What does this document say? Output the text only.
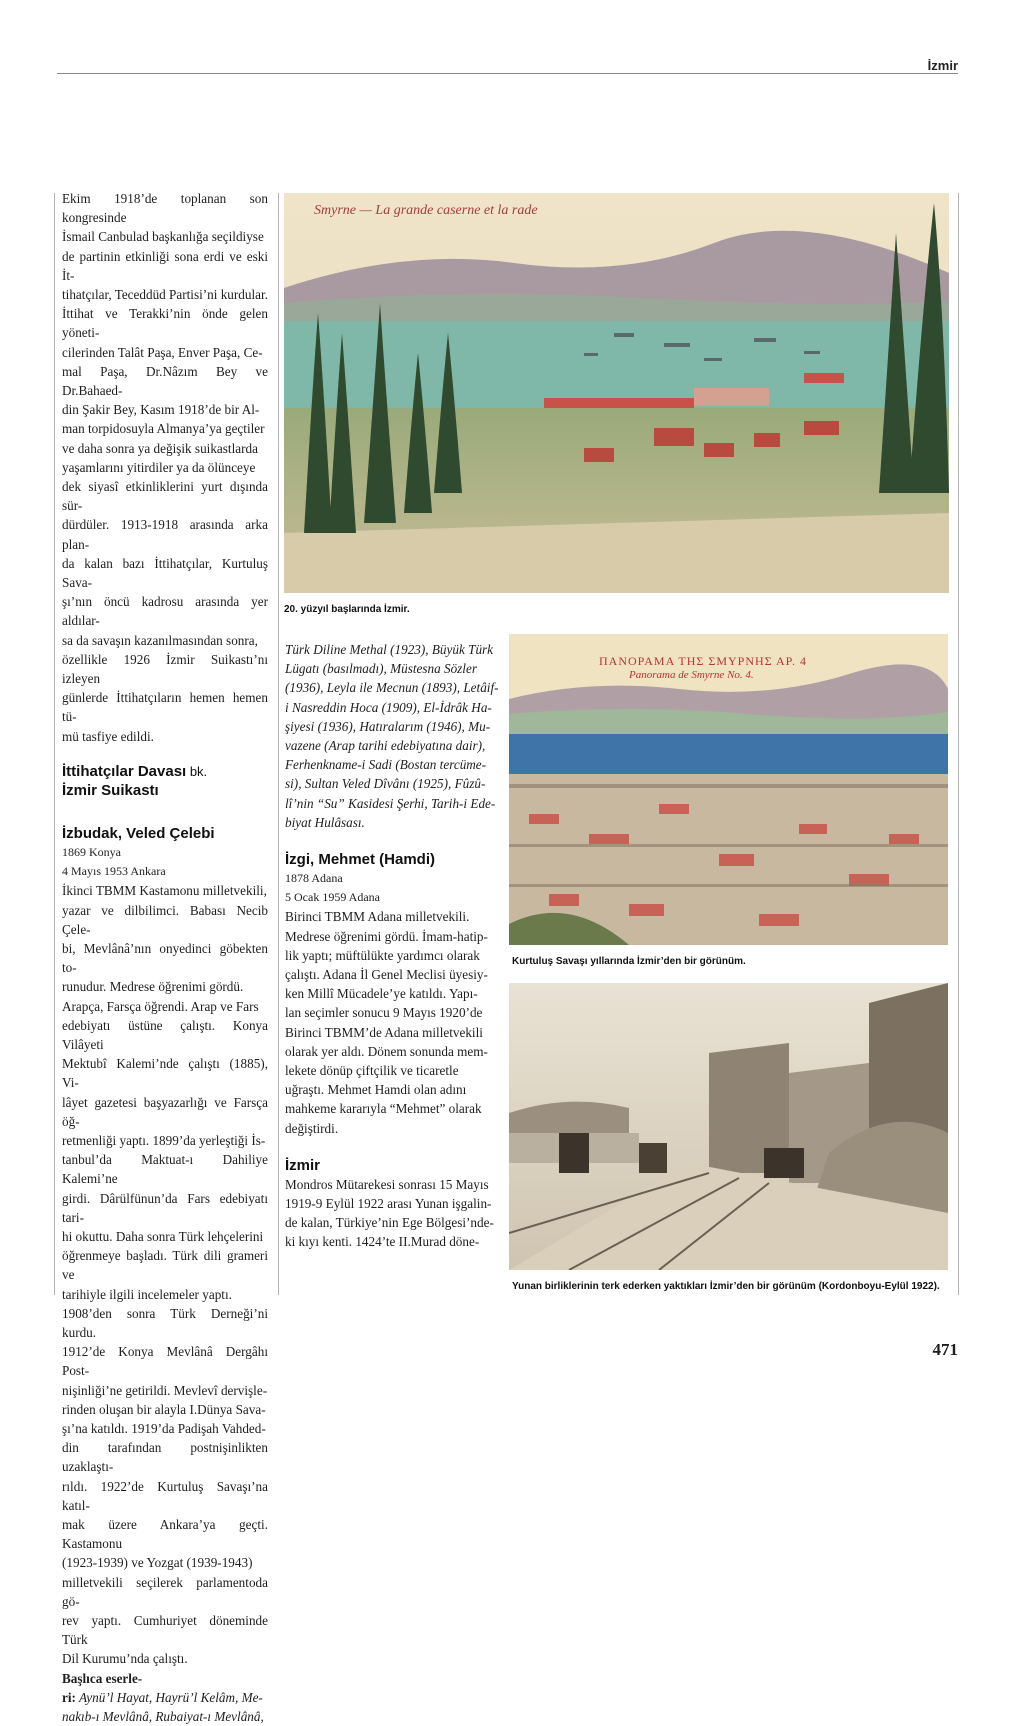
İzmir

Ekim 1918’de toplanan son kongresinde

İsmail Canbulad başkanlığa seçildiyse

de partinin etkinliği sona erdi ve eski İt-

tihatçılar, Teceddüd Partisi’ni kurdular.

İttihat ve Terakki’nin önde gelen yöneti-

cilerinden Talât Paşa, Enver Paşa, Ce-

mal Paşa, Dr.Nâzım Bey ve Dr.Bahaed-

din Şakir Bey, Kasım 1918’de bir Al-

man torpidosuyla Almanya’ya geçtiler

ve daha sonra ya değişik suikastlarda

yaşamlarını yitirdiler ya da ölünceye

dek siyasî etkinliklerini yurt dışında sür-

dürdüler. 1913-1918 arasında arka plan-

da kalan bazı İttihatçılar, Kurtuluş Sava-

şı’nın öncü kadrosu arasında yer aldılar-

sa da savaşın kazanılmasından sonra,

özellikle 1926 İzmir Suikastı’nı izleyen

günlerde İttihatçıların hemen hemen tü-

mü tasfiye edildi.

İttihatçılar Davası bk.

İzmir Suikastı

İzbudak, Veled Çelebi

1869 Konya

4 Mayıs 1953 Ankara

İkinci TBMM Kastamonu milletvekili,

yazar ve dilbilimci. Babası Necib Çele-

bi, Mevlânâ’nın onyedinci göbekten to-

runudur. Medrese öğrenimi gördü.

Arapça, Farsça öğrendi. Arap ve Fars

edebiyatı üstüne çalıştı. Konya Vilâyeti

Mektubî Kalemi’nde çalıştı (1885), Vi-

lâyet gazetesi başyazarlığı ve Farsça öğ-

retmenliği yaptı. 1899’da yerleştiği İs-

tanbul’da Maktuat-ı Dahiliye Kalemi’ne

girdi. Dârülfünun’da Fars edebiyatı tari-

hi okuttu. Daha sonra Türk lehçelerini

öğrenmeye başladı. Türk dili grameri ve

tarihiyle ilgili incelemeler yaptı.

1908’den sonra Türk Derneği’ni kurdu.

1912’de Konya Mevlânâ Dergâhı Post-

nişinliği’ne getirildi. Mevlevî dervişle-

rinden oluşan bir alayla I.Dünya Sava-

şı’na katıldı. 1919’da Padişah Vahded-

din tarafından postnişinlikten uzaklaştı-

rıldı. 1922’de Kurtuluş Savaşı’na katıl-

mak üzere Ankara’ya geçti. Kastamonu

(1923-1939) ve Yozgat (1939-1943)

milletvekili seçilerek parlamentoda gö-

rev yaptı. Cumhuriyet döneminde Türk

Dil Kurumu’nda çalıştı.

Başlıca eserle-

ri: Aynü’l Hayat, Hayrü’l Kelâm, Me-

nakıb-ı Mevlânâ, Rubaiyat-ı Mevlânâ,

Smyrne — La grande caserne et la rade
20. yüzyıl başlarında İzmir.

Türk Diline Methal (1923), Büyük Türk

Lügatı (basılmadı), Müstesna Sözler

(1936), Leyla ile Mecnun (1893), Letâif-

i Nasreddin Hoca (1909), El-İdrâk Ha-

şiyesi (1936), Hatıralarım (1946), Mu-

vazene (Arap tarihi edebiyatına dair),

Ferhenkname-i Sadi (Bostan tercüme-

si), Sultan Veled Dîvânı (1925), Fûzû-

lî’nin “Su” Kasidesi Şerhi, Tarih-i Ede-

biyat Hulâsası.

İzgi, Mehmet (Hamdi)

1878 Adana

5 Ocak 1959 Adana

Birinci TBMM Adana milletvekili.

Medrese öğrenimi gördü. İmam-hatip-

lik yaptı; müftülükte yardımcı olarak

çalıştı. Adana İl Genel Meclisi üyesiy-

ken Millî Mücadele’ye katıldı. Yapı-

lan seçimler sonucu 9 Mayıs 1920’de

Birinci TBMM’de Adana milletvekili

olarak yer aldı. Dönem sonunda mem-

lekete dönüp çiftçilik ve ticaretle

uğraştı. Mehmet Hamdi olan adını

mahkeme kararıyla “Mehmet” olarak

değiştirdi.

İzmir

Mondros Mütarekesi sonrası 15 Mayıs

1919-9 Eylül 1922 arası Yunan işgalin-

de kalan, Türkiye’nin Ege Bölgesi’nde-

ki kıyı kenti. 1424’te II.Murad döne-

ΠΑΝΟΡΑΜΑ ΤΗΣ ΣΜΥΡΝΗΣ ΑΡ. 4
Panorama de Smyrne No. 4.
Kurtuluş Savaşı yıllarında İzmir’den bir görünüm.
Yunan birliklerinin terk ederken yaktıkları İzmir’den bir görünüm (Kordonboyu-Eylül 1922).
471
